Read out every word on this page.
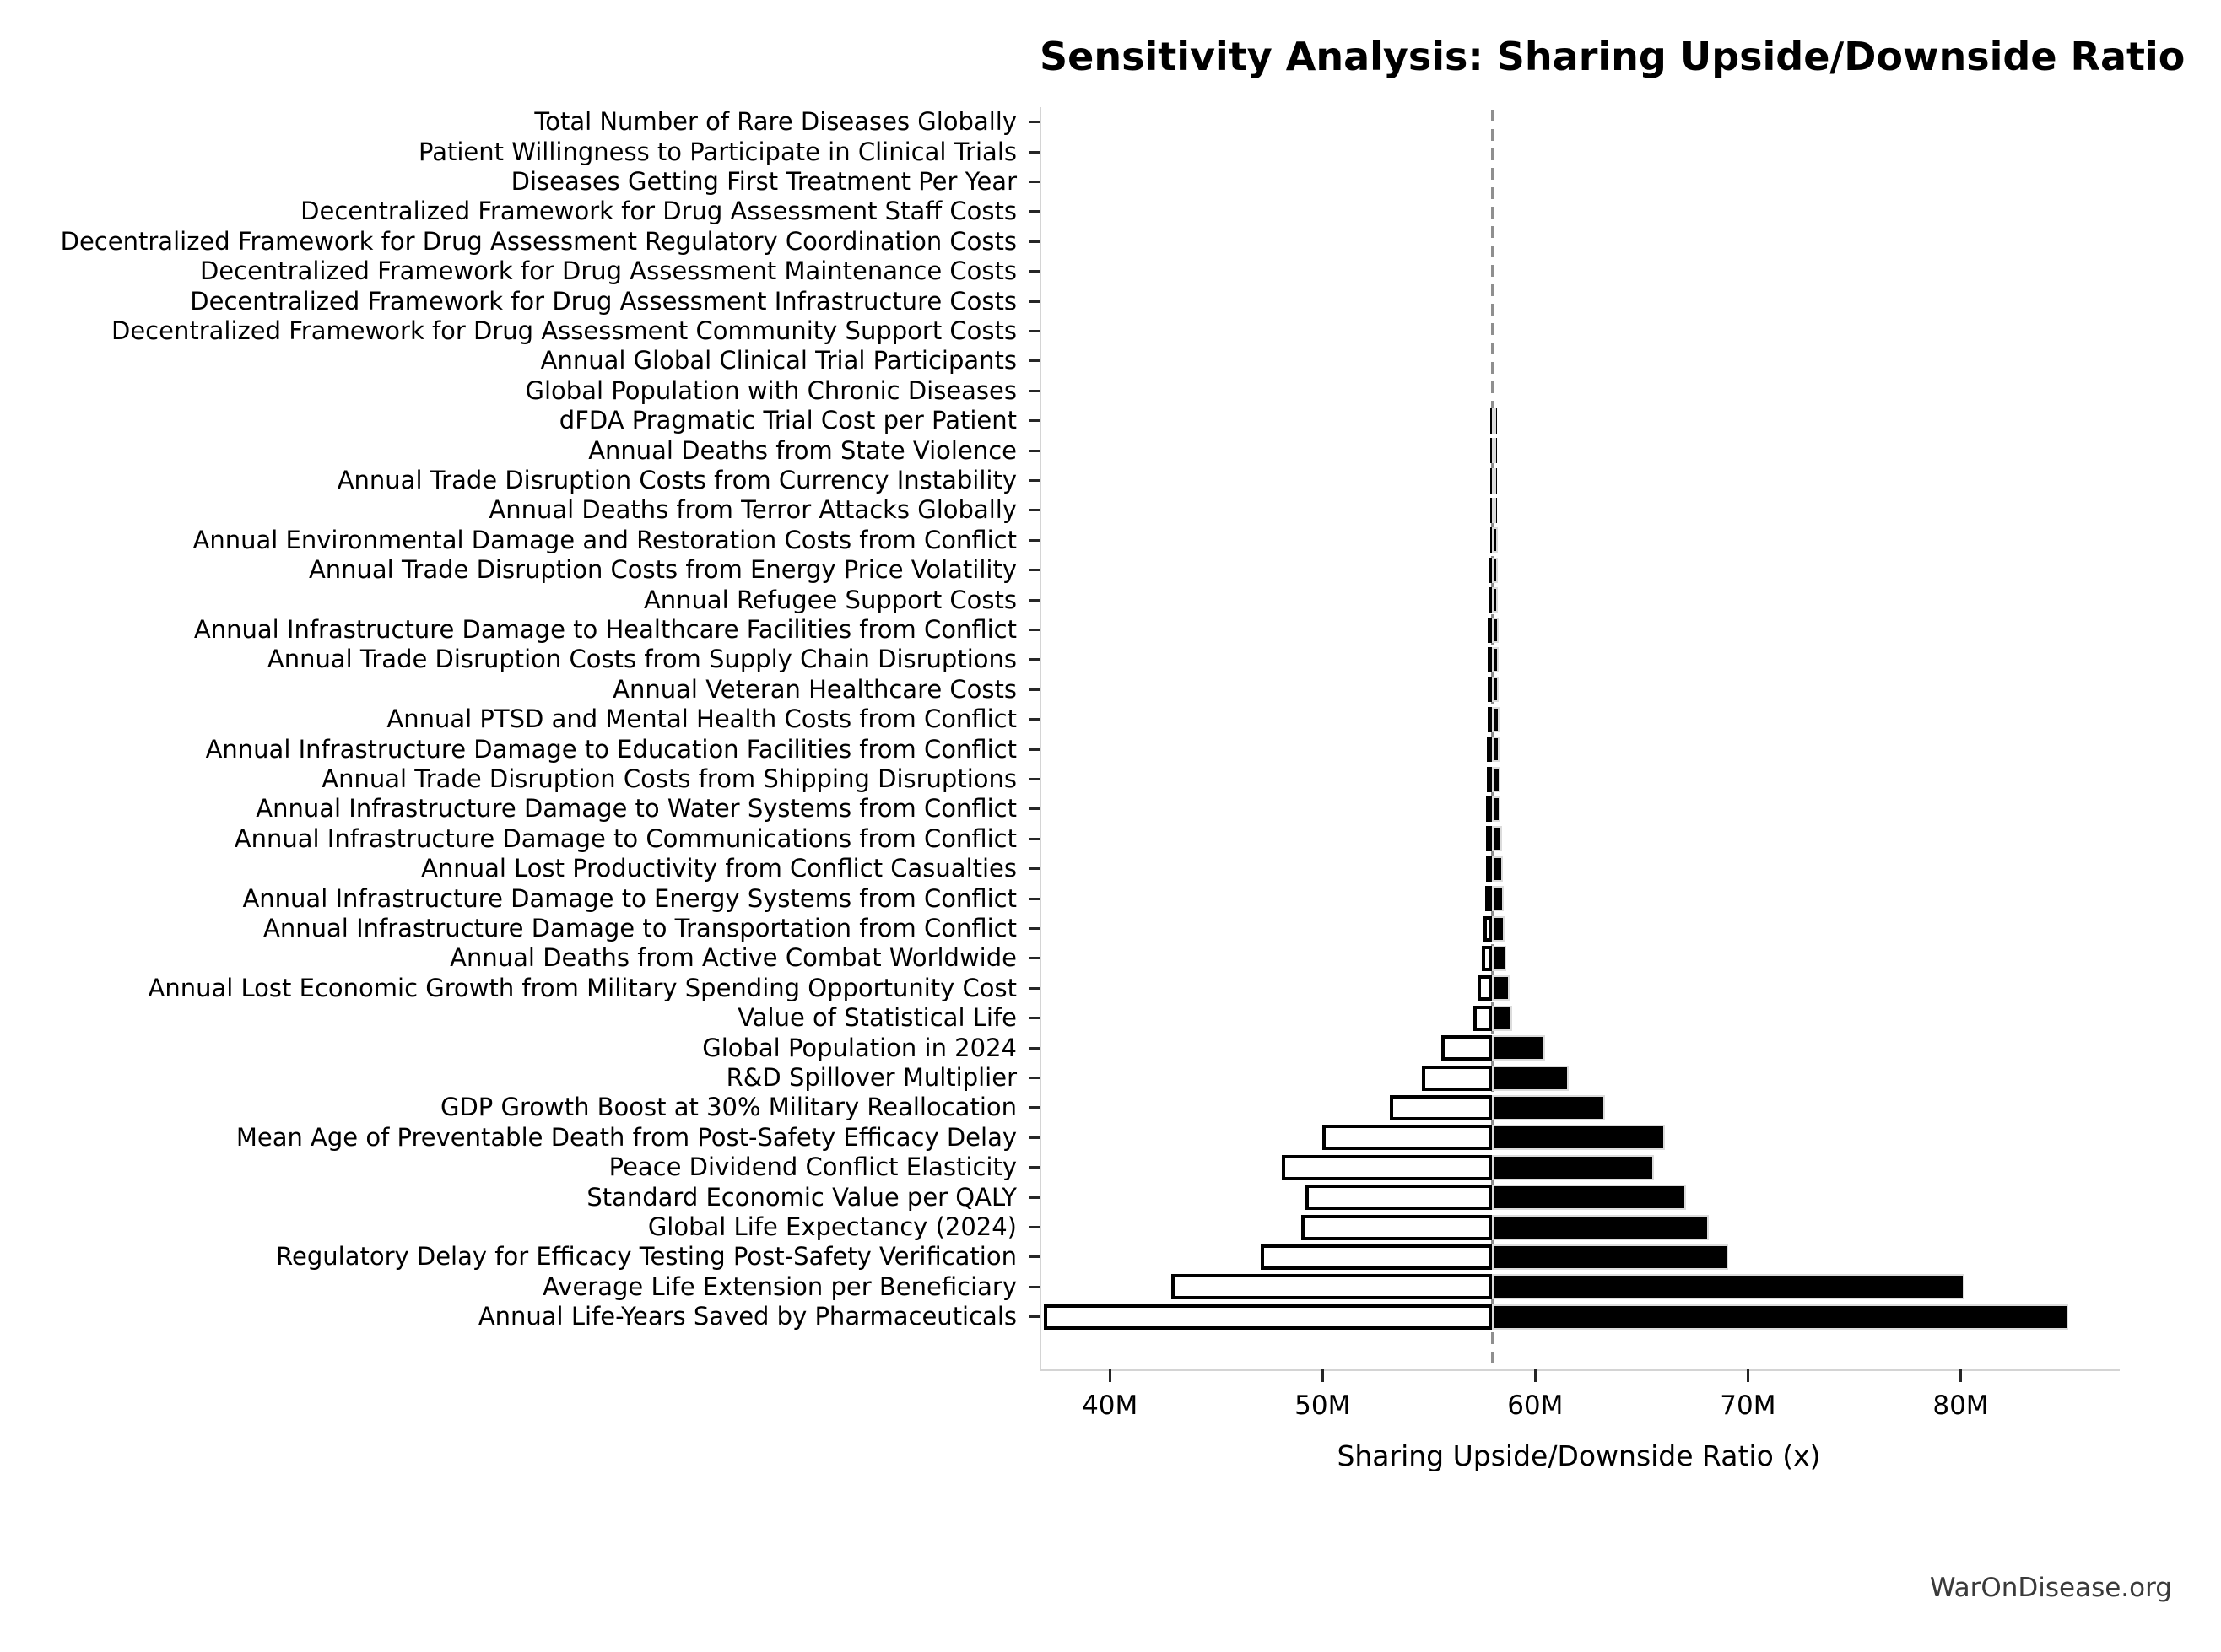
Sensitivity Analysis: Sharing Upside/Downside Ratio
Total Number of Rare Diseases Globally
Patient Willingness to Participate in Clinical Trials
Diseases Getting First Treatment Per Year
Decentralized Framework for Drug Assessment Staff Costs
Decentralized Framework for Drug Assessment Regulatory Coordination Costs
Decentralized Framework for Drug Assessment Maintenance Costs
Decentralized Framework for Drug Assessment Infrastructure Costs
Decentralized Framework for Drug Assessment Community Support Costs
Annual Global Clinical Trial Participants
Global Population with Chronic Diseases
dFDA Pragmatic Trial Cost per Patient
Annual Deaths from State Violence
Annual Trade Disruption Costs from Currency Instability
Annual Deaths from Terror Attacks Globally
Annual Environmental Damage and Restoration Costs from Conflict
Annual Trade Disruption Costs from Energy Price Volatility
Annual Refugee Support Costs
Annual Infrastructure Damage to Healthcare Facilities from Conflict
Annual Trade Disruption Costs from Supply Chain Disruptions
Annual Veteran Healthcare Costs
Annual PTSD and Mental Health Costs from Conflict
Annual Infrastructure Damage to Education Facilities from Conflict
Annual Trade Disruption Costs from Shipping Disruptions
Annual Infrastructure Damage to Water Systems from Conflict
Annual Infrastructure Damage to Communications from Conflict
Annual Lost Productivity from Conflict Casualties
Annual Infrastructure Damage to Energy Systems from Conflict
Annual Infrastructure Damage to Transportation from Conflict
Annual Deaths from Active Combat Worldwide
Annual Lost Economic Growth from Military Spending Opportunity Cost
Value of Statistical Life
Global Population in 2024
R&D Spillover Multiplier
GDP Growth Boost at 30% Military Reallocation
Mean Age of Preventable Death from Post-Safety Efficacy Delay
Peace Dividend Conflict Elasticity
Standard Economic Value per QALY
Global Life Expectancy (2024)
Regulatory Delay for Efficacy Testing Post-Safety Verification
Average Life Extension per Beneficiary
Annual Life-Years Saved by Pharmaceuticals
40M	50M	60M	70M	80M
Sharing Upside/Downside Ratio (x)
WarOnDisease.org
